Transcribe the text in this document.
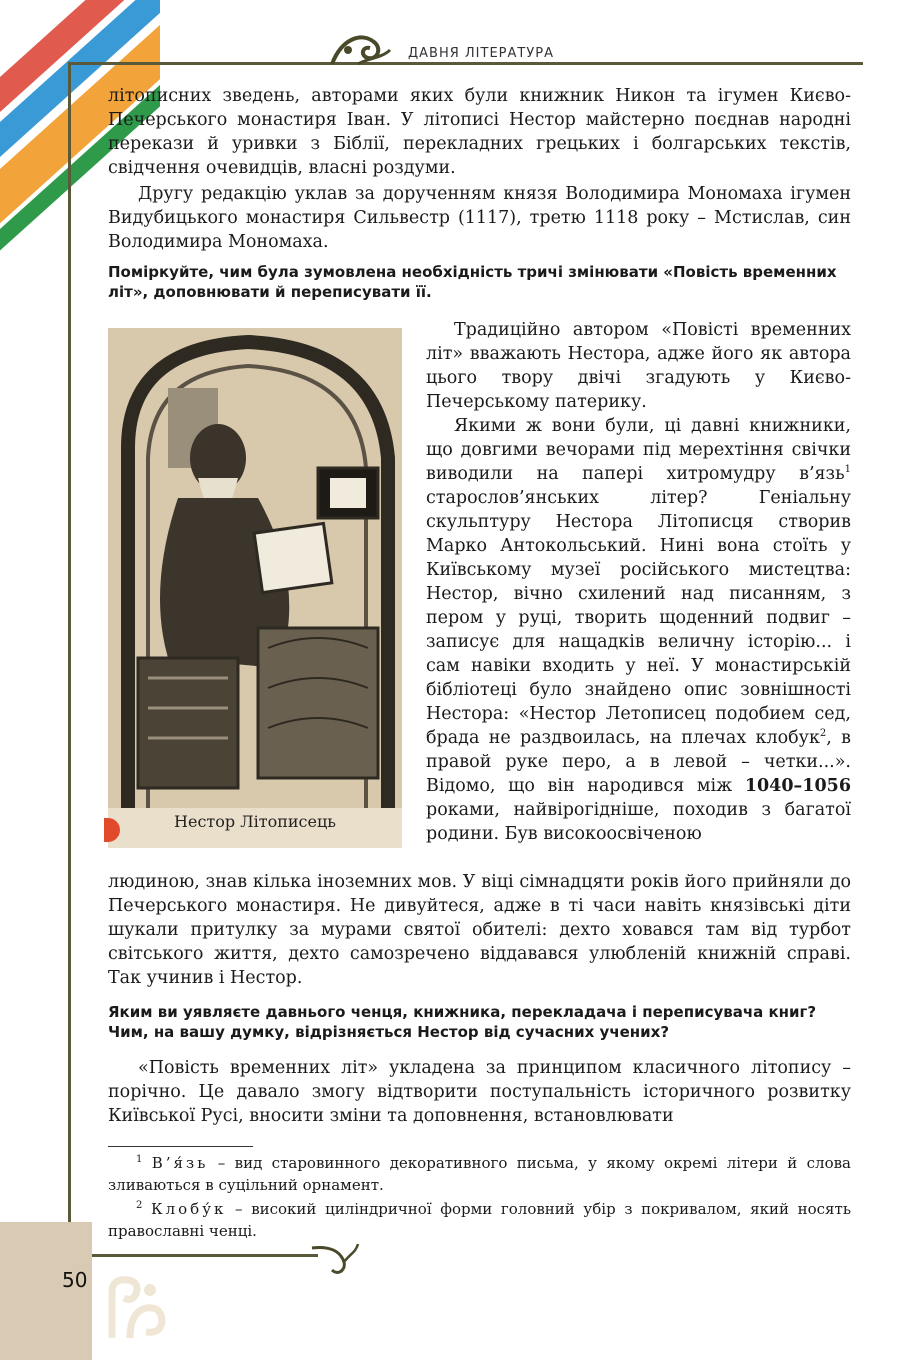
ДАВНЯ ЛІТЕРАТУРА

літописних зведень, авторами яких були книжник Никон та ігумен Києво-Печерського монастиря Іван. У літописі Нестор майстерно поєднав народні перекази й уривки з Біблії, перекладних грецьких і болгарських текстів, свідчення очевидців, власні роздуми.

Другу редакцію уклав за дорученням князя Володимира Мономаха ігумен Видубицького монастиря Сильвестр (1117), третю 1118 року – Мстислав, син Володимира Мономаха.

Поміркуйте, чим була зумовлена необхідність тричі змінювати «Повість временних літ», доповнювати й переписувати її.

Нестор Літописець

Традиційно автором «Повісті временних літ» вважають Нестора, адже його як автора цього твору двічі згадують у Києво-Печерському патерику.

Якими ж вони були, ці давні книжники, що довгими вечорами під мерехтіння свічки виводили на папері хитромудру в’язь$^1$ старослов’янських літер? Геніальну скульптуру Нестора Літописця створив Марко Антокольський. Нині вона стоїть у Київському музеї російського мистецтва: Нестор, вічно схилений над писанням, з пером у руці, творить щоденний подвиг – записує для нащадків величну історію... і сам навіки входить у неї. У монастирській бібліотеці було знайдено опис зовнішності Нестора: «Нестор Летописец подобием сед, брада не раздвоилась, на плечах клобук$^2$, в правой руке перо, а в левой – четки...». Відомо, що він народився між 1040–1056 роками, найвірогідніше, походив з багатої родини. Був високоосвіченою

людиною, знав кілька іноземних мов. У віці сімнадцяти років його прийняли до Печерського монастиря. Не дивуйтеся, адже в ті часи навіть князівські діти шукали притулку за мурами святої обителі: дехто ховався там від турбот світського життя, дехто самозречено віддавався улюбленій книжній справі. Так учинив і Нестор.

Яким ви уявляєте давнього ченця, книжника, перекладача і переписувача книг? Чим, на вашу думку, відрізняється Нестор від сучасних учених?

«Повість временних літ» укладена за принципом класичного літопису – порічно. Це давало змогу відтворити поступальність історичного розвитку Київської Русі, вносити зміни та доповнення, встановлювати

$^1$ В’я́зь – вид старовинного декоративного письма, у якому окремі літери й слова зливаються в суцільний орнамент.

$^2$ Клобу́к – високий циліндричної форми головний убір з покривалом, який носять православні ченці.

50
